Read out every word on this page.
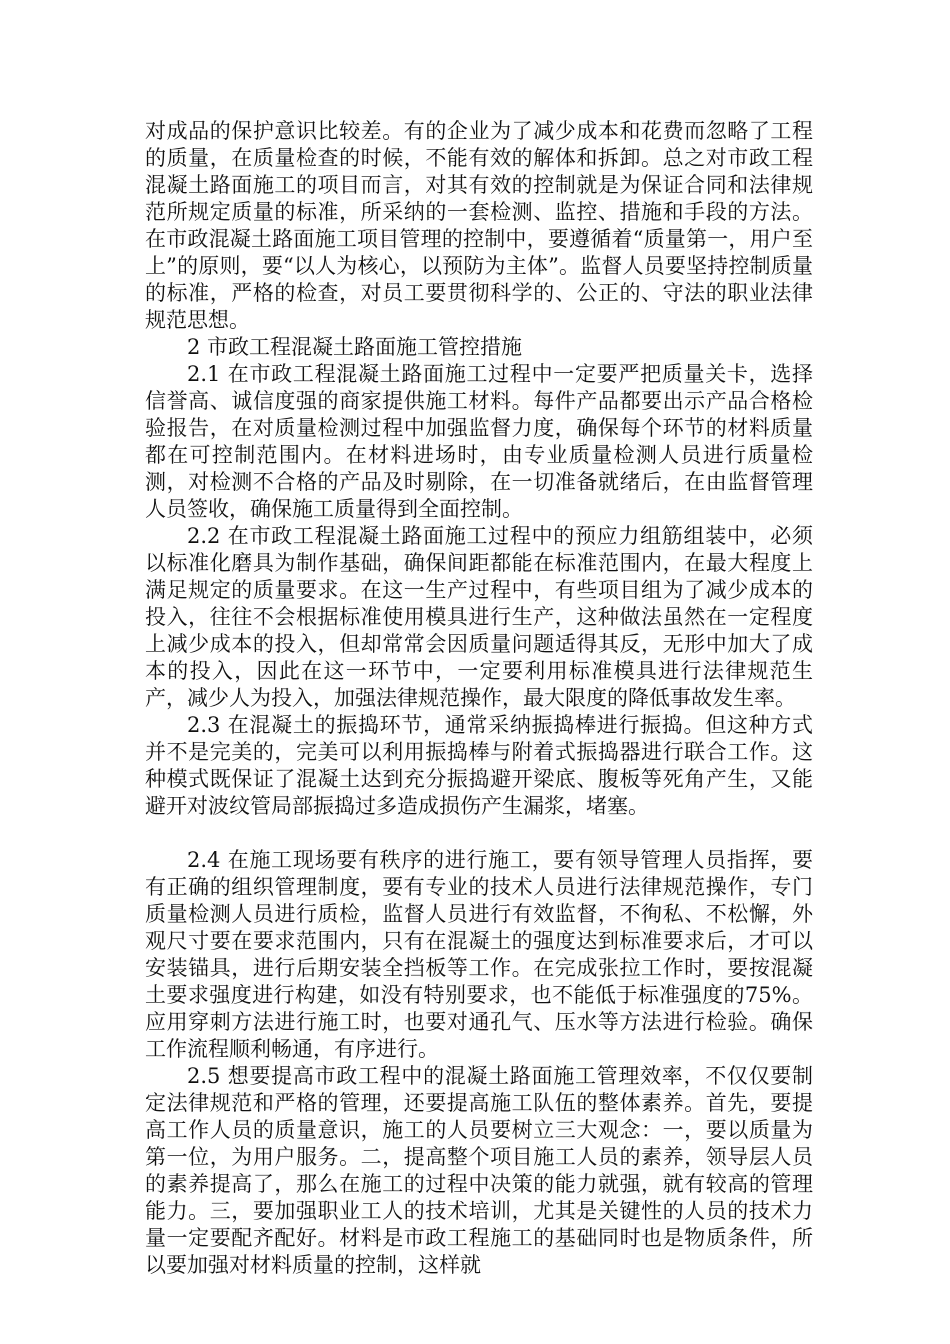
对成品的保护意识比较差。有的企业为了减少成本和花费而忽略了工程的质量，在质量检查的时候，不能有效的解体和拆卸。总之对市政工程混凝土路面施工的项目而言，对其有效的控制就是为保证合同和法律规范所规定质量的标准，所采纳的一套检测、监控、措施和手段的方法。在市政混凝土路面施工项目管理的控制中，要遵循着“质量第一，用户至上”的原则，要“以人为核心，以预防为主体”。监督人员要坚持控制质量的标准，严格的检查，对员工要贯彻科学的、公正的、守法的职业法律规范思想。

2 市政工程混凝土路面施工管控措施

2.1 在市政工程混凝土路面施工过程中一定要严把质量关卡，选择信誉高、诚信度强的商家提供施工材料。每件产品都要出示产品合格检验报告，在对质量检测过程中加强监督力度，确保每个环节的材料质量都在可控制范围内。在材料进场时，由专业质量检测人员进行质量检测，对检测不合格的产品及时剔除，在一切准备就绪后，在由监督管理人员签收，确保施工质量得到全面控制。

2.2 在市政工程混凝土路面施工过程中的预应力组筋组装中，必须以标准化磨具为制作基础，确保间距都能在标准范围内，在最大程度上满足规定的质量要求。在这一生产过程中，有些项目组为了减少成本的投入，往往不会根据标准使用模具进行生产，这种做法虽然在一定程度上减少成本的投入，但却常常会因质量问题适得其反，无形中加大了成本的投入，因此在这一环节中，一定要利用标准模具进行法律规范生产，减少人为投入，加强法律规范操作，最大限度的降低事故发生率。

2.3 在混凝土的振捣环节，通常采纳振捣棒进行振捣。但这种方式并不是完美的，完美可以利用振捣棒与附着式振捣器进行联合工作。这种模式既保证了混凝土达到充分振捣避开梁底、腹板等死角产生，又能避开对波纹管局部振捣过多造成损伤产生漏浆，堵塞。

2.4 在施工现场要有秩序的进行施工，要有领导管理人员指挥，要有正确的组织管理制度，要有专业的技术人员进行法律规范操作，专门质量检测人员进行质检，监督人员进行有效监督，不徇私、不松懈，外观尺寸要在要求范围内，只有在混凝土的强度达到标准要求后，才可以安装锚具，进行后期安装全挡板等工作。在完成张拉工作时，要按混凝土要求强度进行构建，如没有特别要求，也不能低于标准强度的75%。应用穿刺方法进行施工时，也要对通孔气、压水等方法进行检验。确保工作流程顺利畅通，有序进行。

2.5 想要提高市政工程中的混凝土路面施工管理效率，不仅仅要制定法律规范和严格的管理，还要提高施工队伍的整体素养。首先，要提高工作人员的质量意识，施工的人员要树立三大观念：一，要以质量为第一位，为用户服务。二，提高整个项目施工人员的素养，领导层人员的素养提高了，那么在施工的过程中决策的能力就强，就有较高的管理能力。三，要加强职业工人的技术培训，尤其是关键性的人员的技术力量一定要配齐配好。材料是市政工程施工的基础同时也是物质条件，所以要加强对材料质量的控制，这样就
